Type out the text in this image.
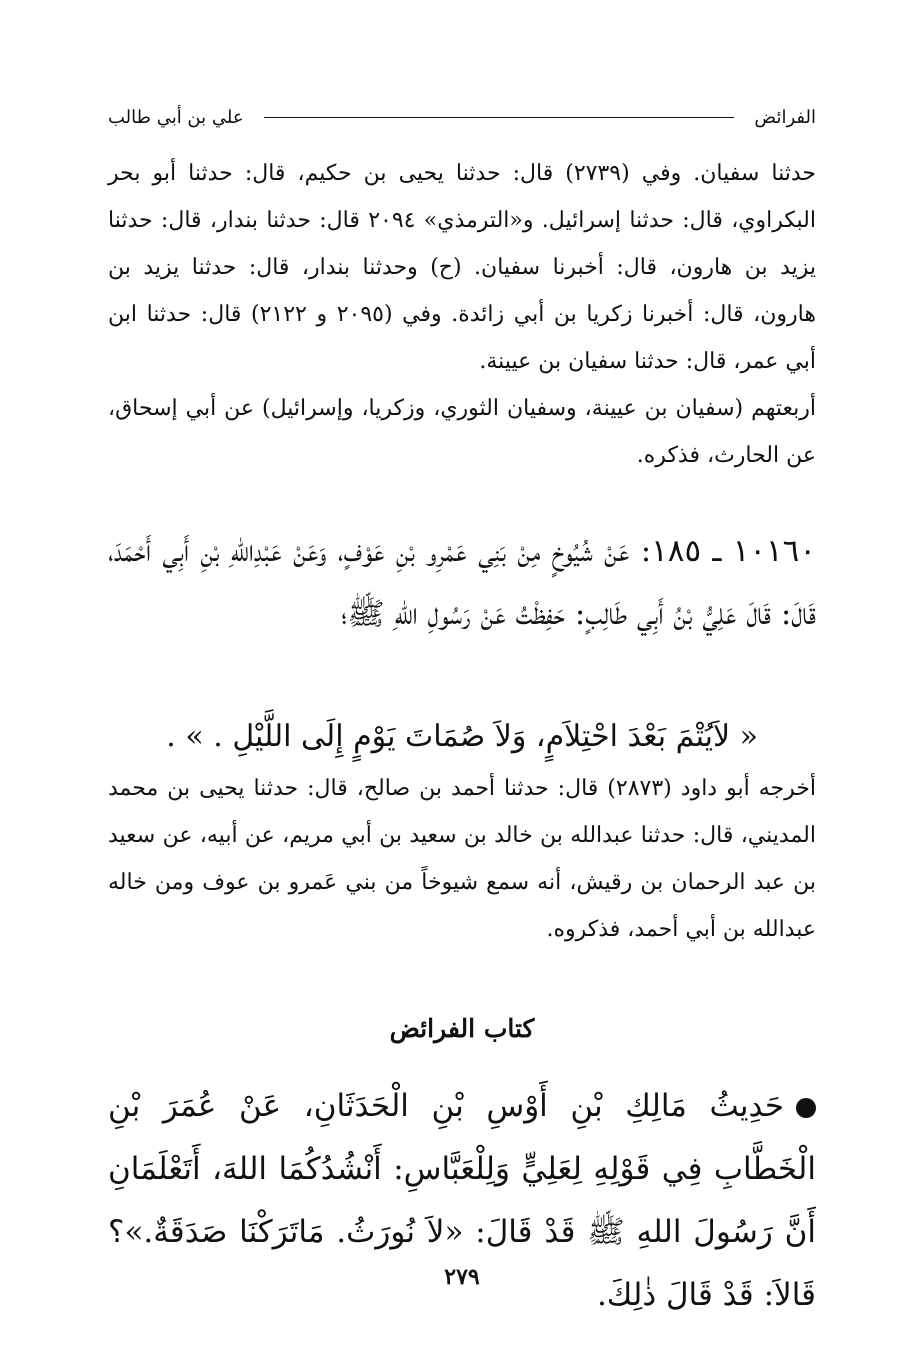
الفرائض
علي بن أبي طالب

حدثنا سفيان. وفي (٢٧٣٩) قال: حدثنا يحيى بن حكيم، قال: حدثنا أبو بحر البكراوي، قال: حدثنا إسرائيل. و«الترمذي» ٢٠٩٤ قال: حدثنا بندار، قال: حدثنا يزيد بن هارون، قال: أخبرنا سفيان. (ح) وحدثنا بندار، قال: حدثنا يزيد بن هارون، قال: أخبرنا زكريا بن أبي زائدة. وفي (٢٠٩٥ و ٢١٢٢) قال: حدثنا ابن أبي عمر، قال: حدثنا سفيان بن عيينة.

أربعتهم (سفيان بن عيينة، وسفيان الثوري، وزكريا، وإسرائيل) عن أبي إسحاق، عن الحارث، فذكره.

١٠١٦٠ ـ ١٨٥: عَنْ شُيُوخٍ مِنْ بَنِي عَمْرِو بْنِ عَوْفٍ، وَعَنْ عَبْدِاللهِ بْنِ أَبِي أَحْمَدَ، قَالَ: قَالَ عَلِيُّ بْنُ أَبِي طَالِبٍ: حَفِظْتُ عَنْ رَسُولِ اللهِ ﷺ؛

« لاَيُتْمَ بَعْدَ احْتِلاَمٍ، وَلاَ صُمَاتَ يَوْمٍ إِلَى اللَّيْلِ . » .

أخرجه أبو داود (٢٨٧٣) قال: حدثنا أحمد بن صالح، قال: حدثنا يحيى بن محمد المديني، قال: حدثنا عبدالله بن خالد بن سعيد بن أبي مريم، عن أبيه، عن سعيد بن عبد الرحمان بن رقيش، أنه سمع شيوخاً من بني عَمرو بن عوف ومن خاله عبدالله بن أبي أحمد، فذكروه.

كتاب الفرائض

حَدِيثُ مَالِكِ بْنِ أَوْسِ بْنِ الْحَدَثَانِ، عَنْ عُمَرَ بْنِ الْخَطَّابِ فِي قَوْلِهِ لِعَلِيٍّ وَلِلْعَبَّاسِ: أَنْشُدُكُمَا اللهَ، أَتَعْلَمَانِ أَنَّ رَسُولَ اللهِ ﷺ قَدْ قَالَ: «لاَ نُورَثُ. مَاتَرَكْنَا صَدَقَةٌ.»؟ قَالاَ: قَدْ قَالَ ذٰلِكَ.

٢٧٩
